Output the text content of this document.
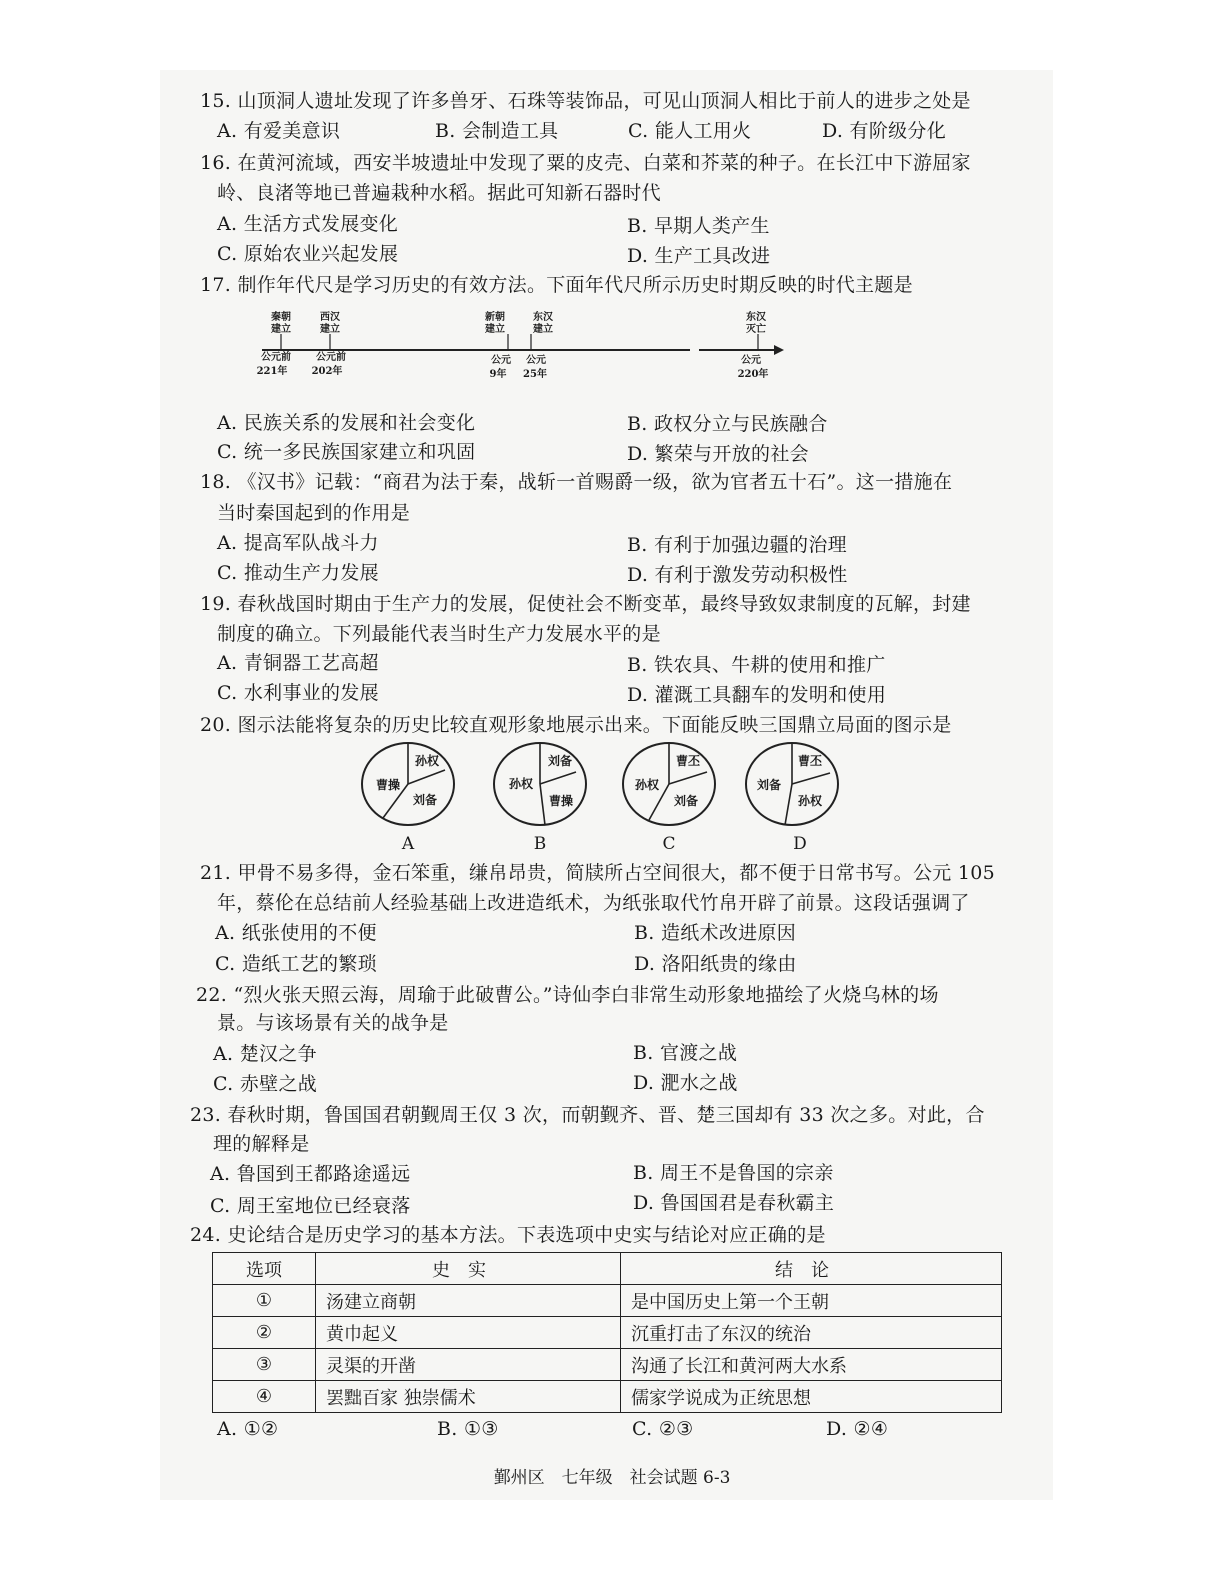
15. 山顶洞人遗址发现了许多兽牙、石珠等装饰品，可见山顶洞人相比于前人的进步之处是
A. 有爱美意识	B. 会制造工具	C. 能人工用火	D. 有阶级分化
16. 在黄河流域，西安半坡遗址中发现了粟的皮壳、白菜和芥菜的种子。在长江中下游屈家
岭、良渚等地已普遍栽种水稻。据此可知新石器时代
A. 生活方式发展变化	B. 早期人类产生
C. 原始农业兴起发展	D. 生产工具改进
17. 制作年代尺是学习历史的有效方法。下面年代尺所示历史时期反映的时代主题是
秦朝
建立
公元前
221年
西汉
建立
公元前
202年
新朝
建立
公元
9年
东汉
建立
公元
25年
东汉
灭亡
公元
220年
A. 民族关系的发展和社会变化	B. 政权分立与民族融合
C. 统一多民族国家建立和巩固	D. 繁荣与开放的社会
18. 《汉书》记载：“商君为法于秦，战斩一首赐爵一级，欲为官者五十石”。这一措施在
当时秦国起到的作用是
A. 提高军队战斗力	B. 有利于加强边疆的治理
C. 推动生产力发展	D. 有利于激发劳动积极性
19. 春秋战国时期由于生产力的发展，促使社会不断变革，最终导致奴隶制度的瓦解，封建
制度的确立。下列最能代表当时生产力发展水平的是
A. 青铜器工艺高超	B. 铁农具、牛耕的使用和推广
C. 水利事业的发展	D. 灌溉工具翻车的发明和使用
20. 图示法能将复杂的历史比较直观形象地展示出来。下面能反映三国鼎立局面的图示是
曹操
孙权
刘备
孙权
刘备
曹操
孙权
曹丕
刘备
刘备
曹丕
孙权
A	B	C	D
21. 甲骨不易多得，金石笨重，缣帛昂贵，简牍所占空间很大，都不便于日常书写。公元 105
年，蔡伦在总结前人经验基础上改进造纸术，为纸张取代竹帛开辟了前景。这段话强调了
A. 纸张使用的不便	B. 造纸术改进原因
C. 造纸工艺的繁琐	D. 洛阳纸贵的缘由
22. “烈火张天照云海，周瑜于此破曹公。”诗仙李白非常生动形象地描绘了火烧乌林的场
景。与该场景有关的战争是
A. 楚汉之争	B. 官渡之战
C. 赤壁之战	D. 淝水之战
23. 春秋时期，鲁国国君朝觐周王仅 3 次，而朝觐齐、晋、楚三国却有 33 次之多。对此，合
理的解释是
A. 鲁国到王都路途遥远	B. 周王不是鲁国的宗亲
C. 周王室地位已经衰落	D. 鲁国国君是春秋霸主
24. 史论结合是历史学习的基本方法。下表选项中史实与结论对应正确的是
选项	史实	结论
①	汤建立商朝	是中国历史上第一个王朝
②	黄巾起义	沉重打击了东汉的统治
③	灵渠的开凿	沟通了长江和黄河两大水系
④	罢黜百家 独崇儒术	儒家学说成为正统思想
A. ①②	B. ①③	C. ②③	D. ②④
鄞州区　七年级　社会试题 6-3
